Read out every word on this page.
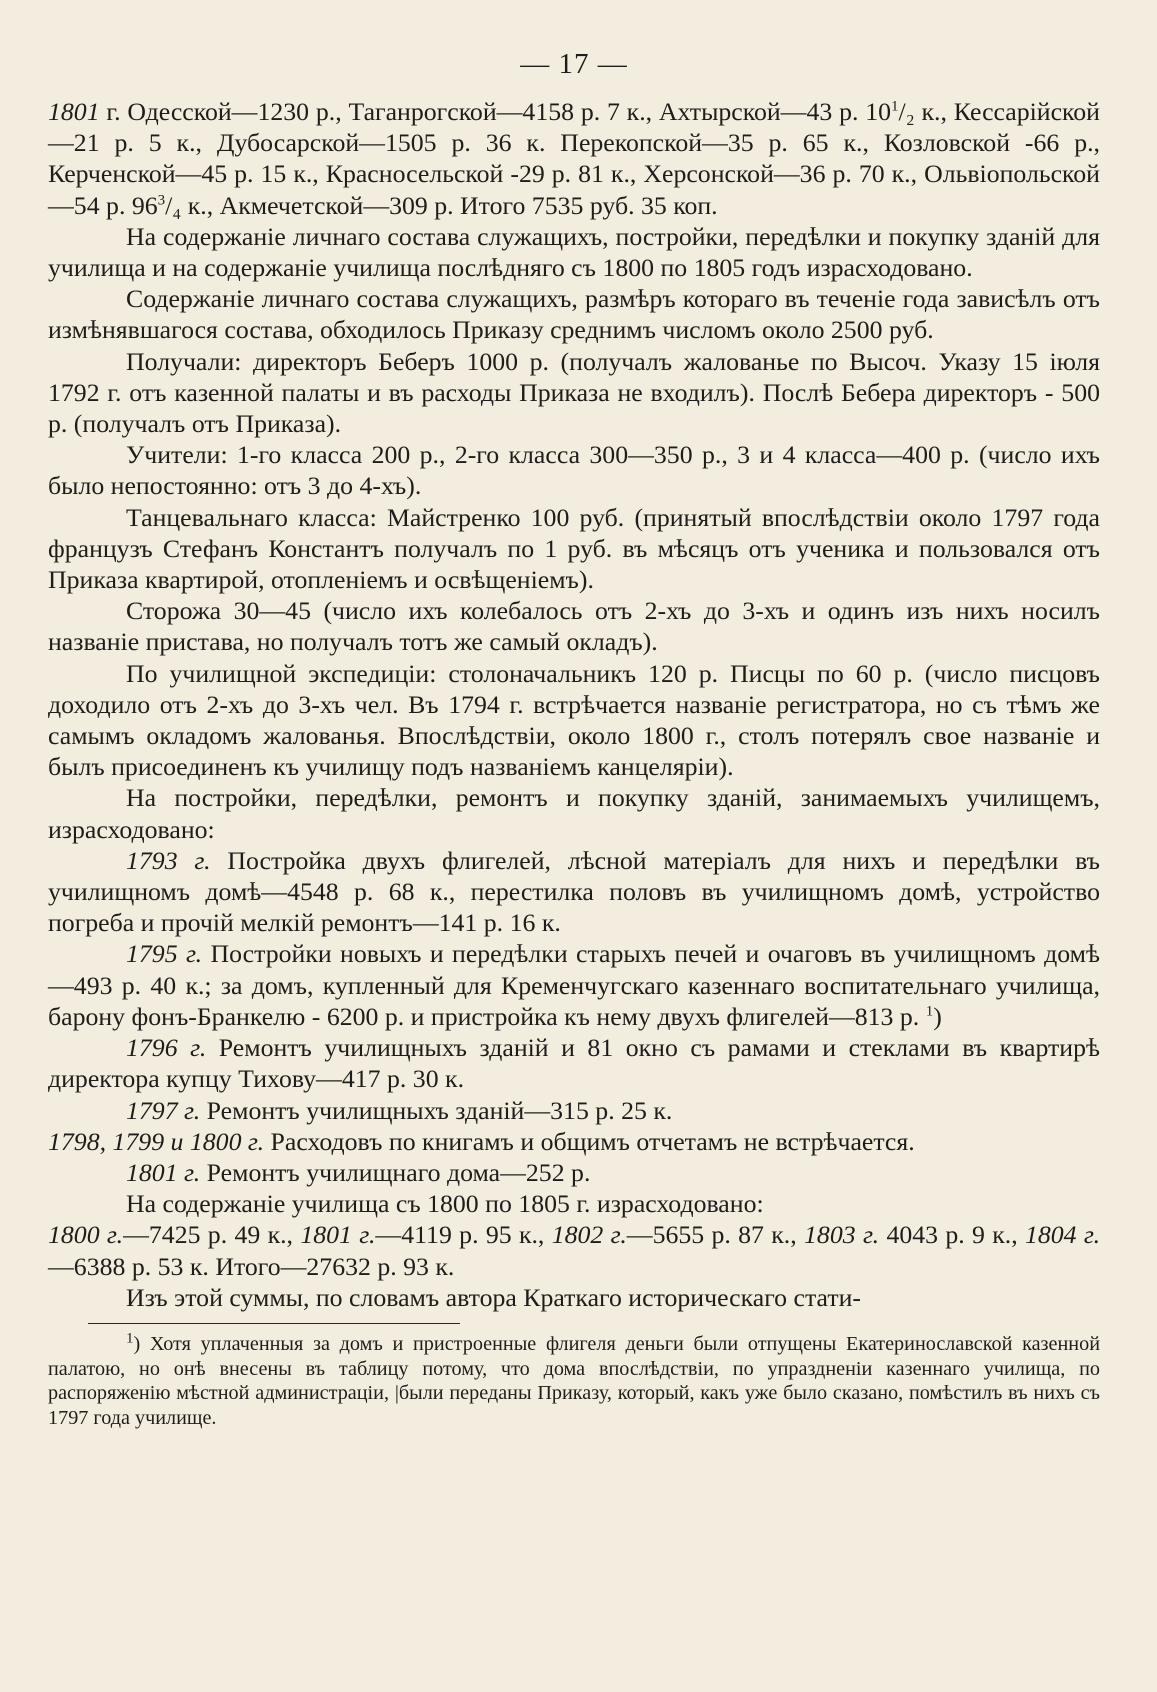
— 17 —

1801 г. Одесской—1230 р., Таганрогской—4158 р. 7 к., Ахтырской—43 р. $10^1/_2$ к., Кессарійской—21 р. 5 к., Дубосарской—1505 р. 36 к. Перекопской—35 р. 65 к., Козловской -66 р., Керченской—45 р. 15 к., Красносельской -29 р. 81 к., Херсонской—36 р. 70 к., Ольвіопольской—54 р. $96^3/_4$ к., Акмечетской—309 р. Итого 7535 руб. 35 коп.

На содержаніе личнаго состава служащихъ, постройки, передѣлки и покупку зданій для училища и на содержаніе училища послѣдняго съ 1800 по 1805 годъ израсходовано.

Содержаніе личнаго состава служащихъ, размѣръ котораго въ теченіе года зависѣлъ отъ измѣнявшагося состава, обходилось Приказу среднимъ числомъ около 2500 руб.

Получали: директоръ Беберъ 1000 р. (получалъ жалованье по Высоч. Указу 15 іюля 1792 г. отъ казенной палаты и въ расходы Приказа не входилъ). Послѣ Бебера директоръ - 500 р. (получалъ отъ Приказа).

Учители: 1-го класса 200 р., 2-го класса 300—350 р., 3 и 4 класса—400 р. (число ихъ было непостоянно: отъ 3 до 4-хъ).

Танцевальнаго класса: Майстренко 100 руб. (принятый впослѣдствіи около 1797 года французъ Стефанъ Константъ получалъ по 1 руб. въ мѣсяцъ отъ ученика и пользовался отъ Приказа квартирой, отопленіемъ и освѣщеніемъ).

Сторожа 30—45 (число ихъ колебалось отъ 2-хъ до 3-хъ и одинъ изъ нихъ носилъ названіе пристава, но получалъ тотъ же самый окладъ).

По училищной экспедиціи: столоначальникъ 120 р. Писцы по 60 р. (число писцовъ доходило отъ 2-хъ до 3-хъ чел. Въ 1794 г. встрѣчается названіе регистратора, но съ тѣмъ же самымъ окладомъ жалованья. Впослѣдствіи, около 1800 г., столъ потерялъ свое названіе и былъ присоединенъ къ училищу подъ названіемъ канцеляріи).

На постройки, передѣлки, ремонтъ и покупку зданій, занимаемыхъ училищемъ, израсходовано:

1793 г. Постройка двухъ флигелей, лѣсной матеріалъ для нихъ и передѣлки въ училищномъ домѣ—4548 р. 68 к., перестилка половъ въ училищномъ домѣ, устройство погреба и прочій мелкій ремонтъ—141 р. 16 к.

1795 г. Постройки новыхъ и передѣлки старыхъ печей и очаговъ въ училищномъ домѣ—493 р. 40 к.; за домъ, купленный для Кременчугскаго казеннаго воспитательнаго училища, барону фонъ-Бранкелю - 6200 р. и пристройка къ нему двухъ флигелей—813 р. $^1$)

1796 г. Ремонтъ училищныхъ зданій и 81 окно съ рамами и стеклами въ квартирѣ директора купцу Тихову—417 р. 30 к.

1797 г. Ремонтъ училищныхъ зданій—315 р. 25 к.

1798, 1799 и 1800 г. Расходовъ по книгамъ и общимъ отчетамъ не встрѣчается.

1801 г. Ремонтъ училищнаго дома—252 р.

На содержаніе училища съ 1800 по 1805 г. израсходовано:

1800 г.—7425 р. 49 к., 1801 г.—4119 р. 95 к., 1802 г.—5655 р. 87 к., 1803 г. 4043 р. 9 к., 1804 г.—6388 р. 53 к. Итого—27632 р. 93 к.

Изъ этой суммы, по словамъ автора Краткаго историческаго стати-

$^1$) Хотя уплаченныя за домъ и пристроенные флигеля деньги были отпущены Екатеринославской казенной палатою, но онѣ внесены въ таблицу потому, что дома впослѣдствіи, по упраздненіи казеннаго училища, по распоряженію мѣстной администраціи, |были переданы Приказу, который, какъ уже было сказано, помѣстилъ въ нихъ съ 1797 года училище.
